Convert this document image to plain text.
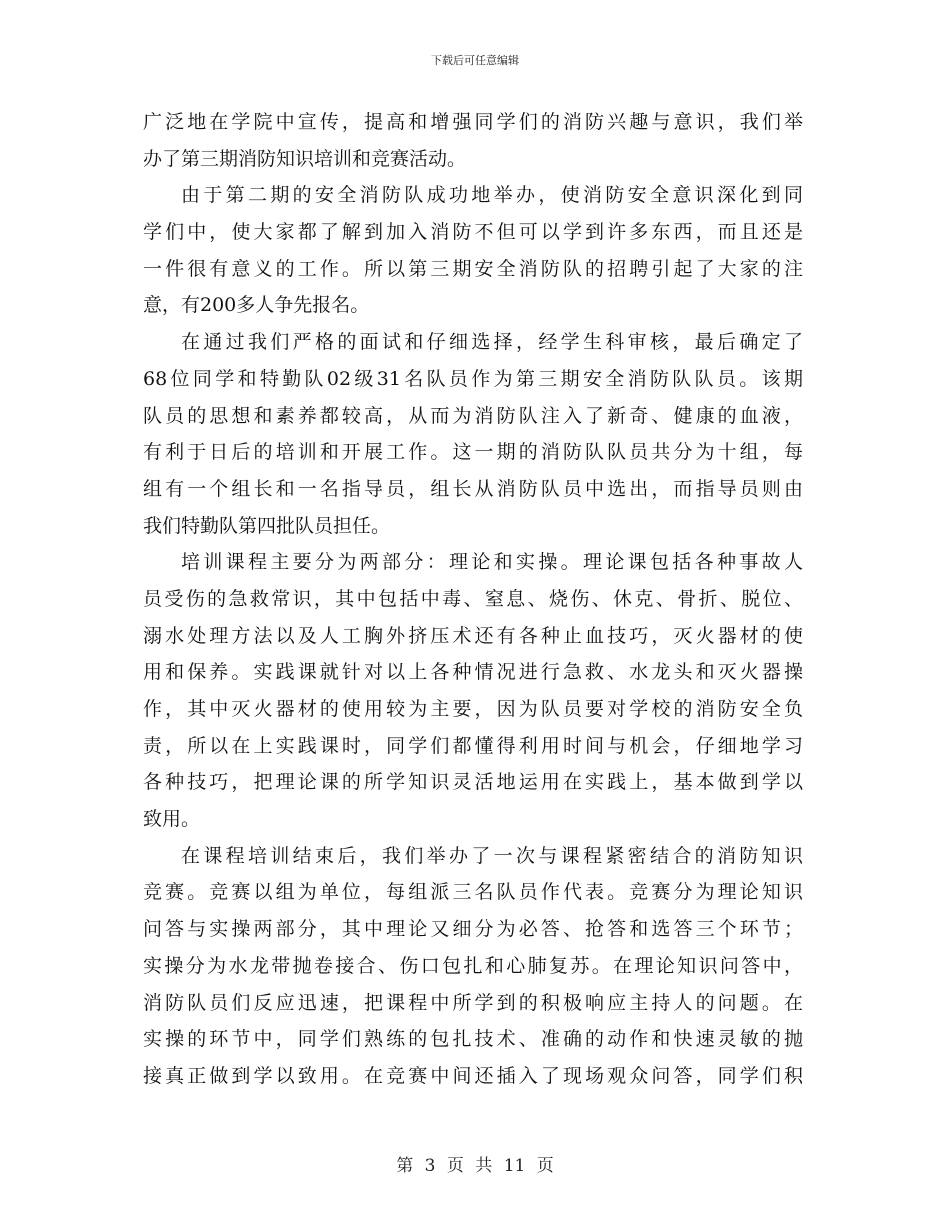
下载后可任意编辑
广泛地在学院中宣传，提高和增强同学们的消防兴趣与意识，我们举
办了第三期消防知识培训和竞赛活动。
由于第二期的安全消防队成功地举办，使消防安全意识深化到同
学们中，使大家都了解到加入消防不但可以学到许多东西，而且还是
一件很有意义的工作。所以第三期安全消防队的招聘引起了大家的注
意，有200多人争先报名。
在通过我们严格的面试和仔细选择，经学生科审核，最后确定了
68位同学和特勤队02级31名队员作为第三期安全消防队队员。该期
队员的思想和素养都较高，从而为消防队注入了新奇、健康的血液，
有利于日后的培训和开展工作。这一期的消防队队员共分为十组，每
组有一个组长和一名指导员，组长从消防队员中选出，而指导员则由
我们特勤队第四批队员担任。
培训课程主要分为两部分：理论和实操。理论课包括各种事故人
员受伤的急救常识，其中包括中毒、窒息、烧伤、休克、骨折、脱位、
溺水处理方法以及人工胸外挤压术还有各种止血技巧，灭火器材的使
用和保养。实践课就针对以上各种情况进行急救、水龙头和灭火器操
作，其中灭火器材的使用较为主要，因为队员要对学校的消防安全负
责，所以在上实践课时，同学们都懂得利用时间与机会，仔细地学习
各种技巧，把理论课的所学知识灵活地运用在实践上，基本做到学以
致用。
在课程培训结束后，我们举办了一次与课程紧密结合的消防知识
竞赛。竞赛以组为单位，每组派三名队员作代表。竞赛分为理论知识
问答与实操两部分，其中理论又细分为必答、抢答和选答三个环节；
实操分为水龙带抛卷接合、伤口包扎和心肺复苏。在理论知识问答中，
消防队员们反应迅速，把课程中所学到的积极响应主持人的问题。在
实操的环节中，同学们熟练的包扎技术、准确的动作和快速灵敏的抛
接真正做到学以致用。在竞赛中间还插入了现场观众问答，同学们积
第 3 页 共 11 页
